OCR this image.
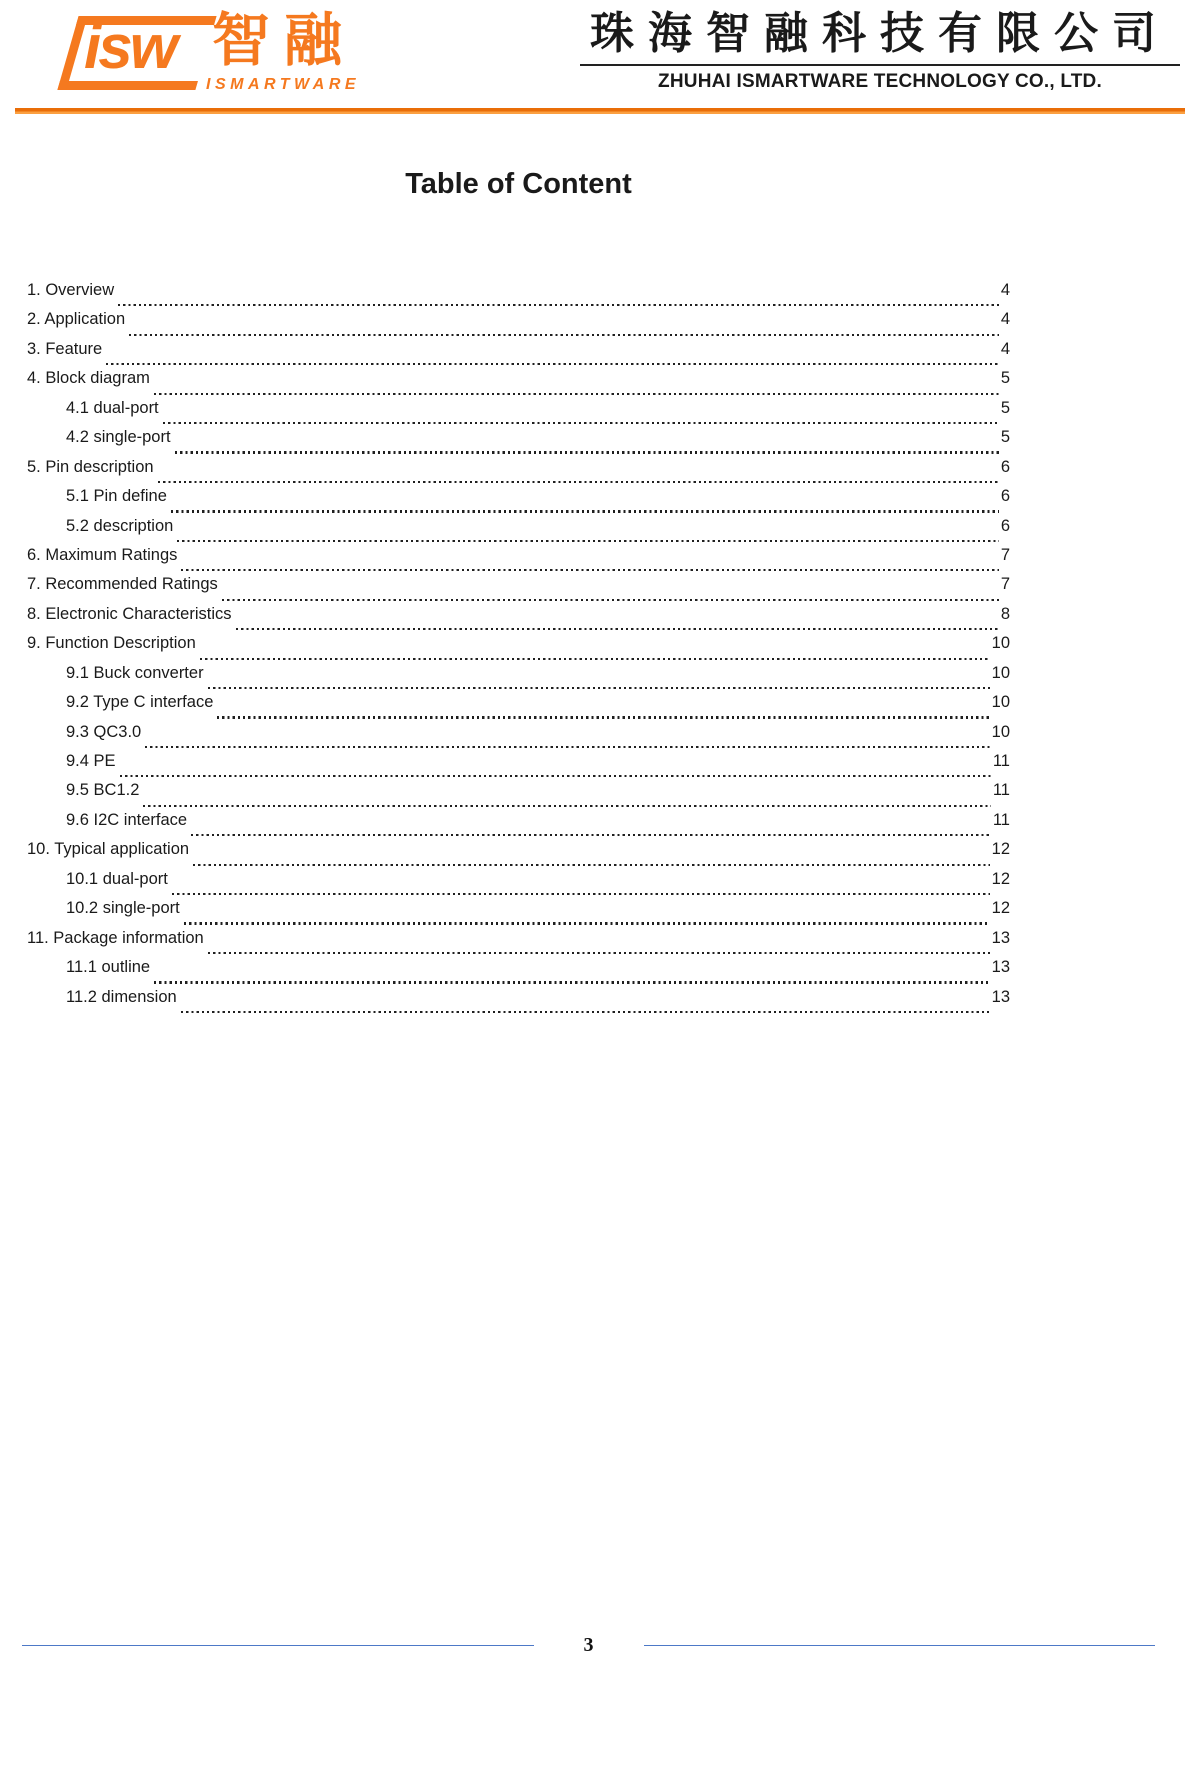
isw 智融
ISMARTWARE
珠海智融科技有限公司
ZHUHAI ISMARTWARE TECHNOLOGY CO., LTD.
Table of Content
1. Overview	4
2. Application	4
3. Feature	4
4. Block diagram	5
4.1 dual-port	5
4.2 single-port	5
5. Pin description	6
5.1 Pin define	6
5.2 description	6
6. Maximum Ratings	7
7. Recommended Ratings	7
8. Electronic Characteristics	8
9. Function Description	10
9.1 Buck converter	10
9.2 Type C interface	10
9.3 QC3.0	10
9.4 PE	11
9.5 BC1.2	11
9.6 I2C interface	11
10. Typical application	12
10.1 dual-port	12
10.2 single-port	12
11. Package information	13
11.1 outline	13
11.2 dimension	13
3
